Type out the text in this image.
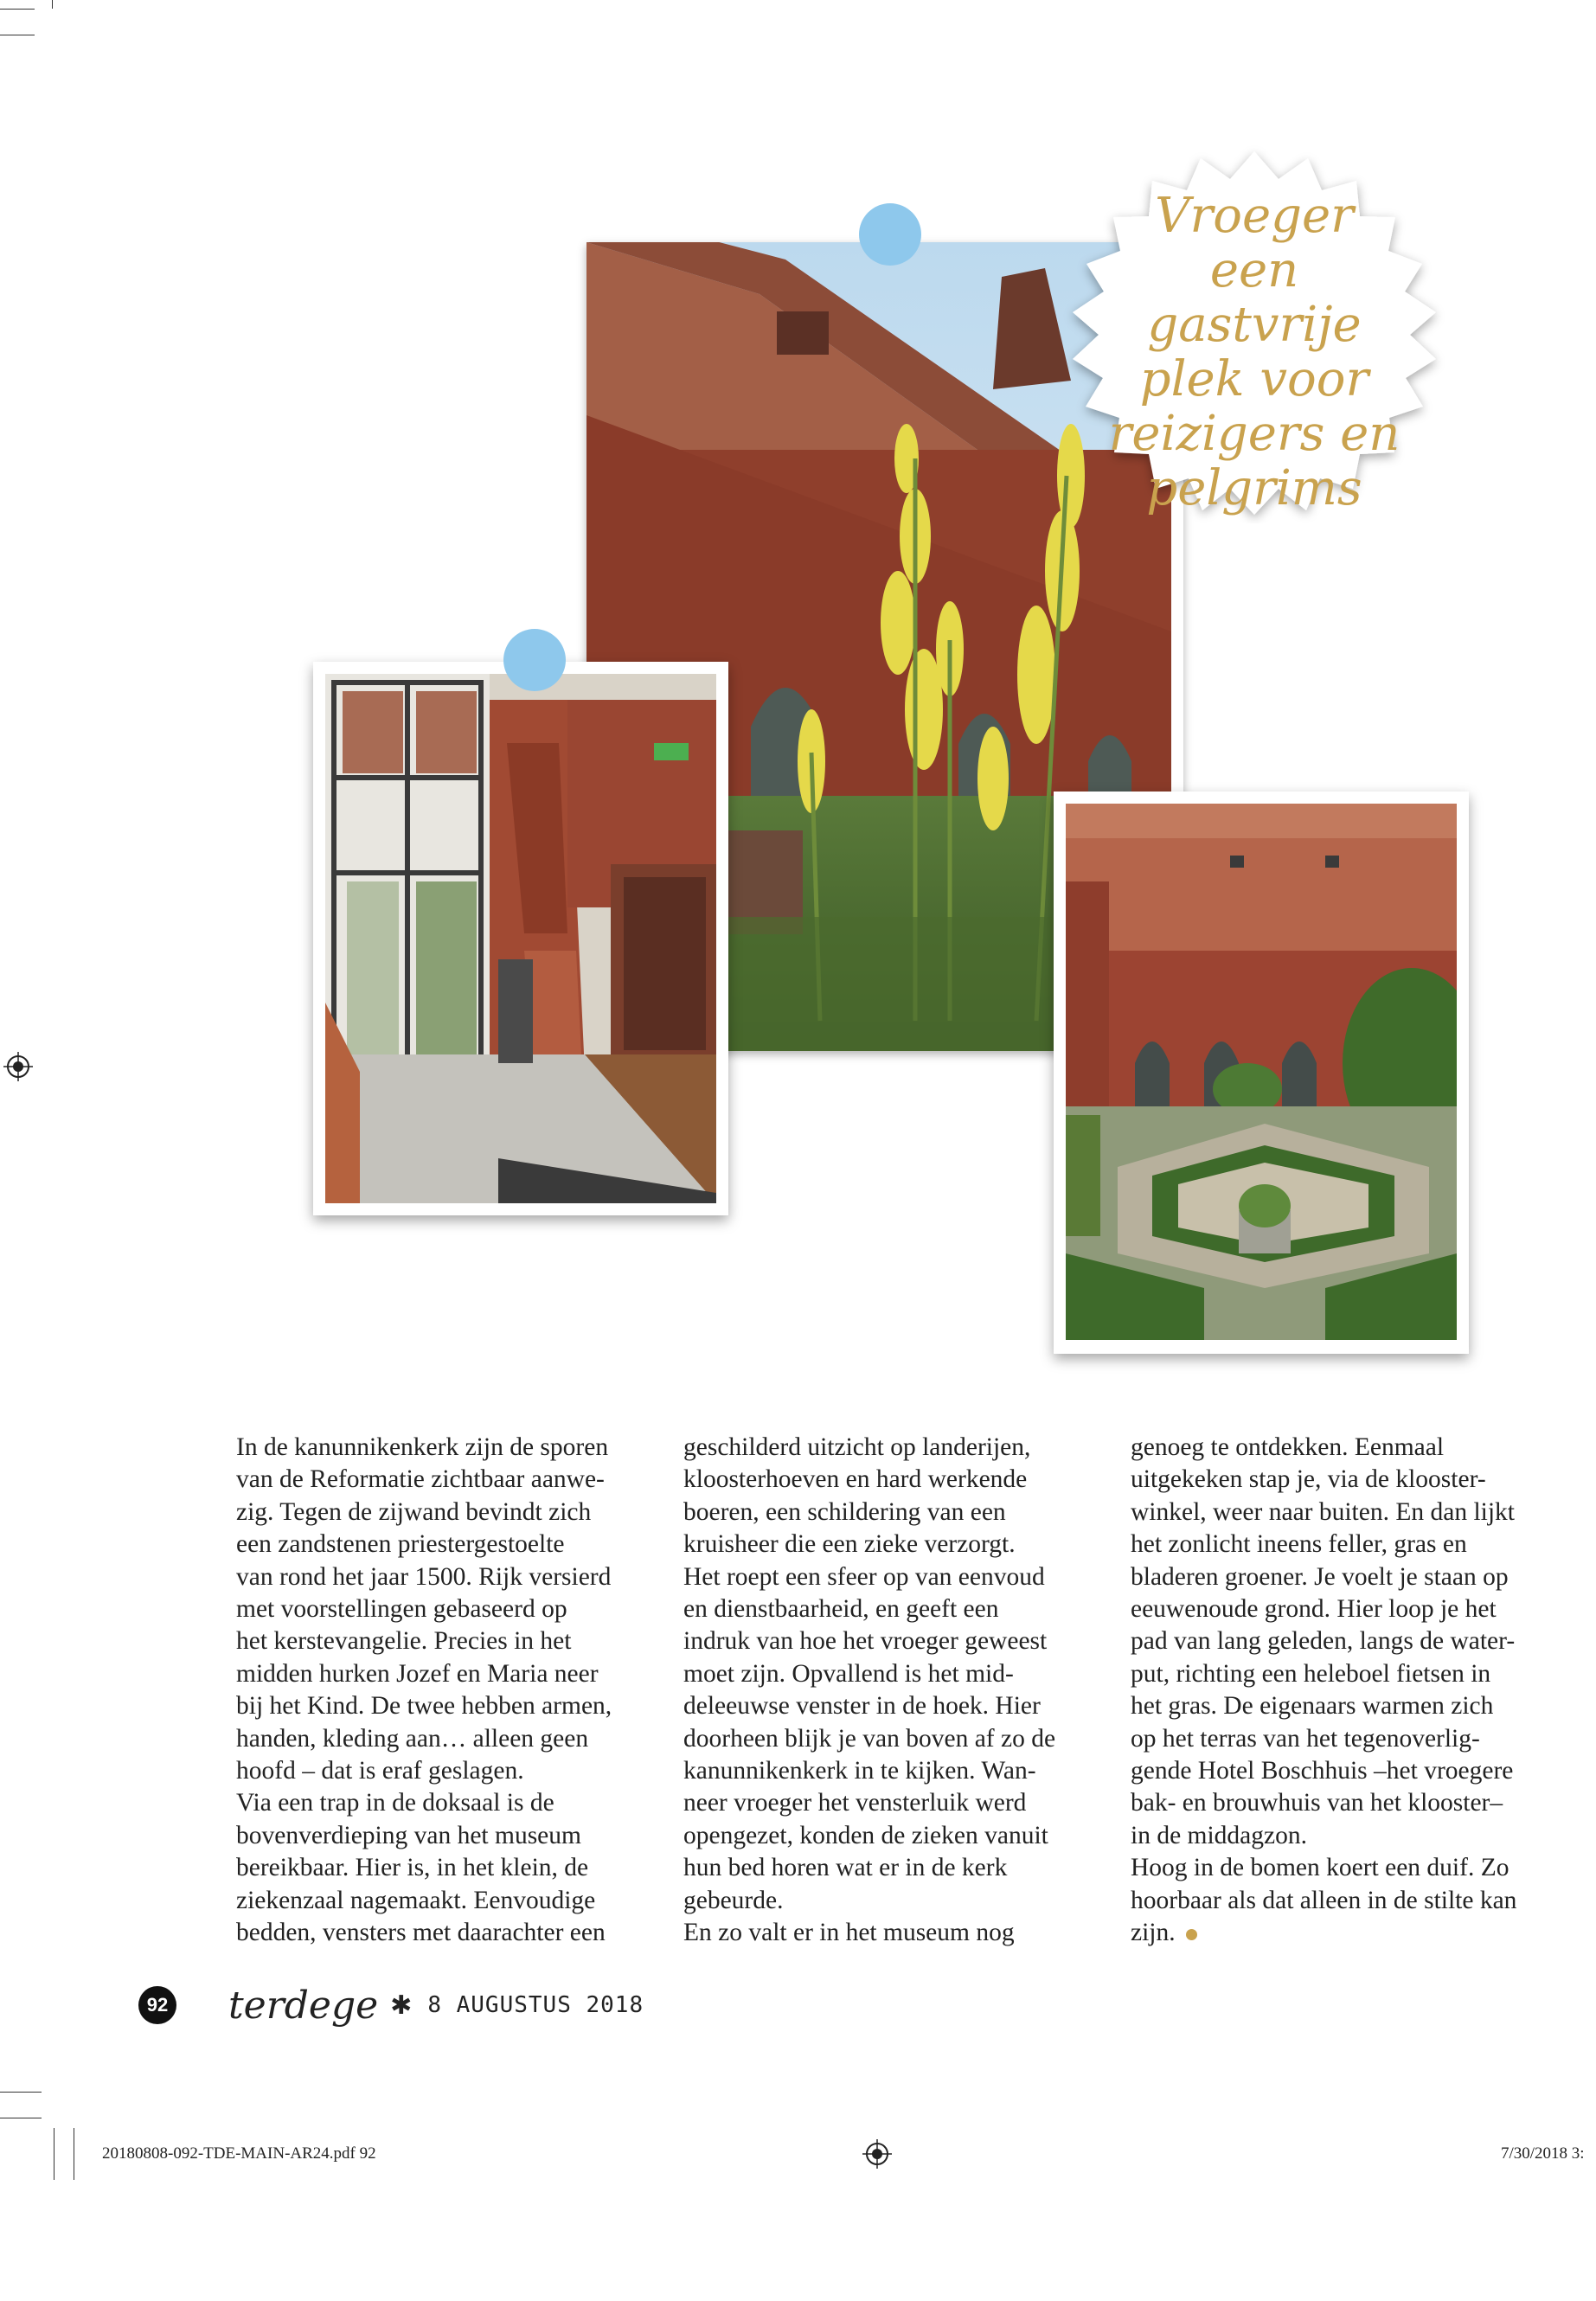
Vroeger
een gastvrije
plek voor
reizigers en
pelgrims

In de kanunnikenkerk zijn de sporen

van de Reformatie zichtbaar aanwe-

zig. Tegen de zijwand bevindt zich

een zandstenen priestergestoelte

van rond het jaar 1500. Rijk versierd

met voorstellingen gebaseerd op

het kerstevangelie. Precies in het

midden hurken Jozef en Maria neer

bij het Kind. De twee hebben armen,

handen, kleding aan… alleen geen

hoofd – dat is eraf geslagen.

Via een trap in de doksaal is de

bovenverdieping van het museum

bereikbaar. Hier is, in het klein, de

ziekenzaal nagemaakt. Eenvoudige

bedden, vensters met daarachter een

geschilderd uitzicht op landerijen,

kloosterhoeven en hard werkende

boeren, een schildering van een

kruisheer die een zieke verzorgt.

Het roept een sfeer op van eenvoud

en dienstbaarheid, en geeft een

indruk van hoe het vroeger geweest

moet zijn. Opvallend is het mid-

deleeuwse venster in de hoek. Hier

doorheen blijk je van boven af zo de

kanunnikenkerk in te kijken. Wan-

neer vroeger het vensterluik werd

opengezet, konden de zieken vanuit

hun bed horen wat er in de kerk

gebeurde.

En zo valt er in het museum nog

genoeg te ontdekken. Eenmaal

uitgekeken stap je, via de klooster-

winkel, weer naar buiten. En dan lijkt

het zonlicht ineens feller, gras en

bladeren groener. Je voelt je staan op

eeuwenoude grond. Hier loop je het

pad van lang geleden, langs de water-

put, richting een heleboel fietsen in

het gras. De eigenaars warmen zich

op het terras van het tegenoverlig-

gende Hotel Boschhuis –het vroegere

bak- en brouwhuis van het klooster–

in de middagzon.

Hoog in de bomen koert een duif. Zo

hoorbaar als dat alleen in de stilte kan

zijn.

92 terdege ✱ 8 AUGUSTUS 2018
20180808-092-TDE-MAIN-AR24.pdf 92	7/30/2018 3:
